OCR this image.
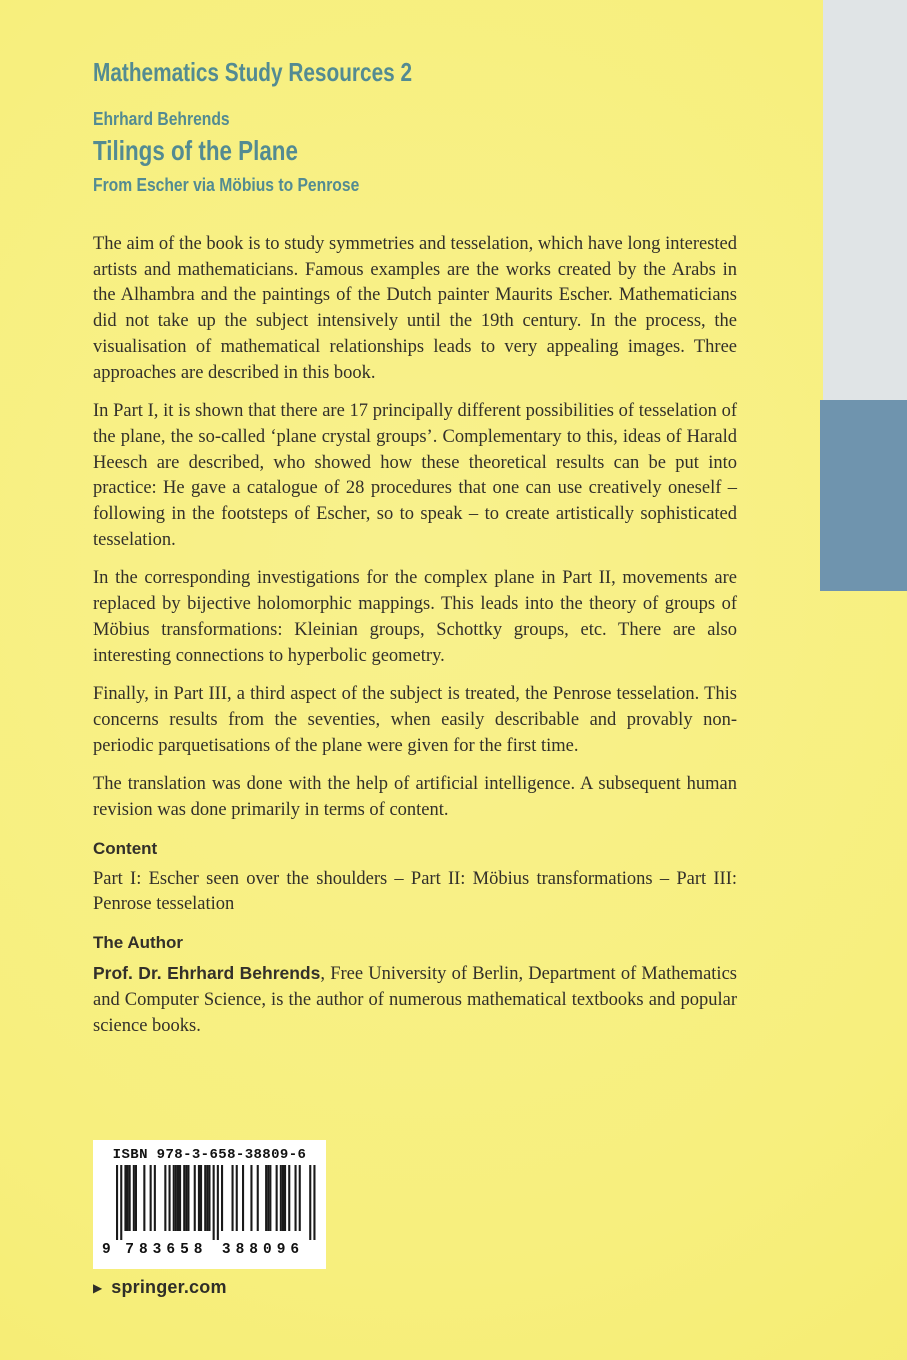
Mathematics Study Resources 2
Ehrhard Behrends
Tilings of the Plane
From Escher via Möbius to Penrose

The aim of the book is to study symmetries and tesselation, which have long interested artists and mathematicians. Famous examples are the works created by the Arabs in the Alhambra and the paintings of the Dutch painter Maurits Escher. Mathematicians did not take up the subject intensively until the 19th century. In the process, the visualisation of mathematical relationships leads to very appealing images. Three approaches are described in this book.

In Part I, it is shown that there are 17 principally different possibilities of tesselation of the plane, the so-called ‘plane crystal groups’. Complementary to this, ideas of Harald Heesch are described, who showed how these theoretical results can be put into practice: He gave a catalogue of 28 procedures that one can use creatively oneself – following in the footsteps of Escher, so to speak – to create artistically sophisticated tesselation.

In the corresponding investigations for the complex plane in Part II, movements are replaced by bijective holomorphic mappings. This leads into the theory of groups of Möbius transformations: Kleinian groups, Schottky groups, etc. There are also interesting connections to hyperbolic geometry.

Finally, in Part III, a third aspect of the subject is treated, the Penrose tesselation. This concerns results from the seventies, when easily describable and provably non-periodic parquetisations of the plane were given for the first time.

The translation was done with the help of artificial intelligence. A subsequent human revision was done primarily in terms of content.

Content

Part I: Escher seen over the shoulders – Part II: Möbius transformations – Part III: Penrose tesselation

The Author

Prof. Dr. Ehrhard Behrends, Free University of Berlin, Department of Mathematics and Computer Science, is the author of numerous mathematical textbooks and popular science books.

ISBN 978-3-658-38809-6
9 783658 388096
▶ springer.com
